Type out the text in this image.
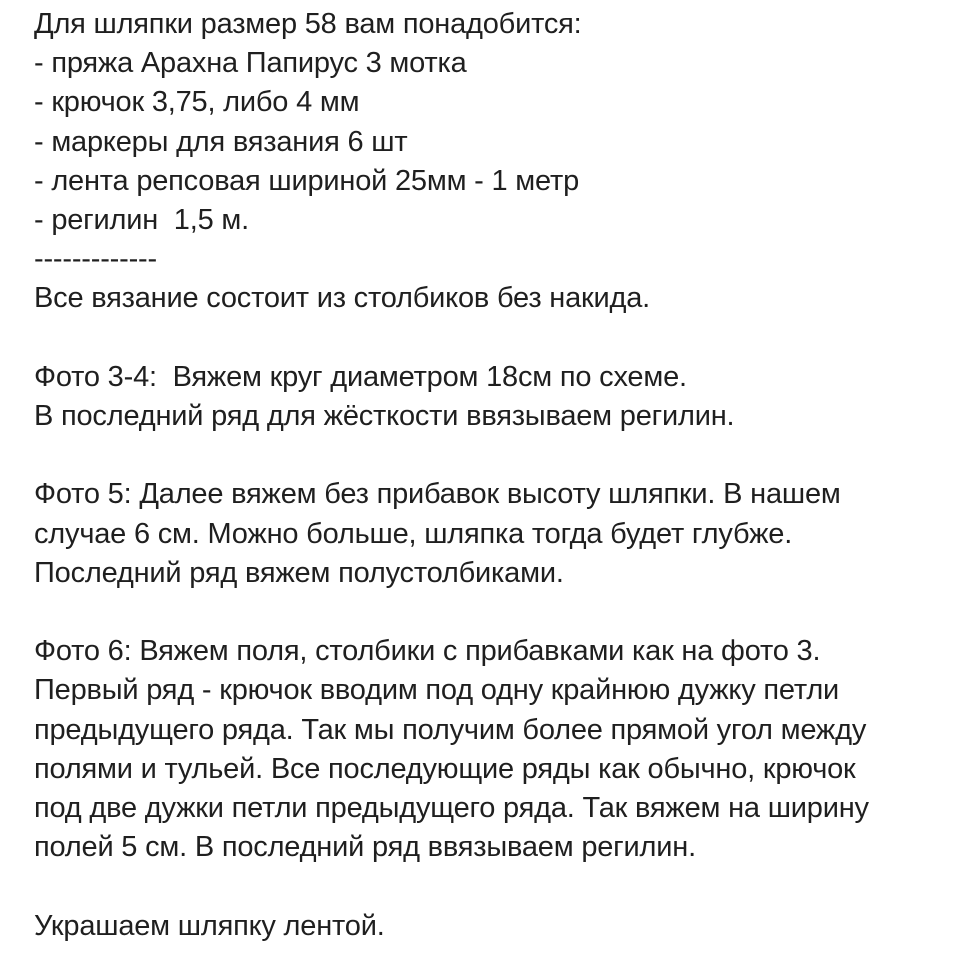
Для шляпки размер 58 вам понадобится:
- пряжа Арахна Папирус 3 мотка
- крючок 3,75, либо 4 мм
- маркеры для вязания 6 шт
- лента репсовая шириной 25мм - 1 метр
- регилин  1,5 м.
-------------
Все вязание состоит из столбиков без накида.
Фото 3-4:  Вяжем круг диаметром 18см по схеме.
В последний ряд для жёсткости ввязываем регилин.
Фото 5: Далее вяжем без прибавок высоту шляпки. В нашем
случае 6 см. Можно больше, шляпка тогда будет глубже.
Последний ряд вяжем полустолбиками.
Фото 6: Вяжем поля, столбики с прибавками как на фото 3.
Первый ряд - крючок вводим под одну крайнюю дужку петли
предыдущего ряда. Так мы получим более прямой угол между
полями и тульей. Все последующие ряды как обычно, крючок
под две дужки петли предыдущего ряда. Так вяжем на ширину
полей 5 см. В последний ряд ввязываем регилин.
Украшаем шляпку лентой.
